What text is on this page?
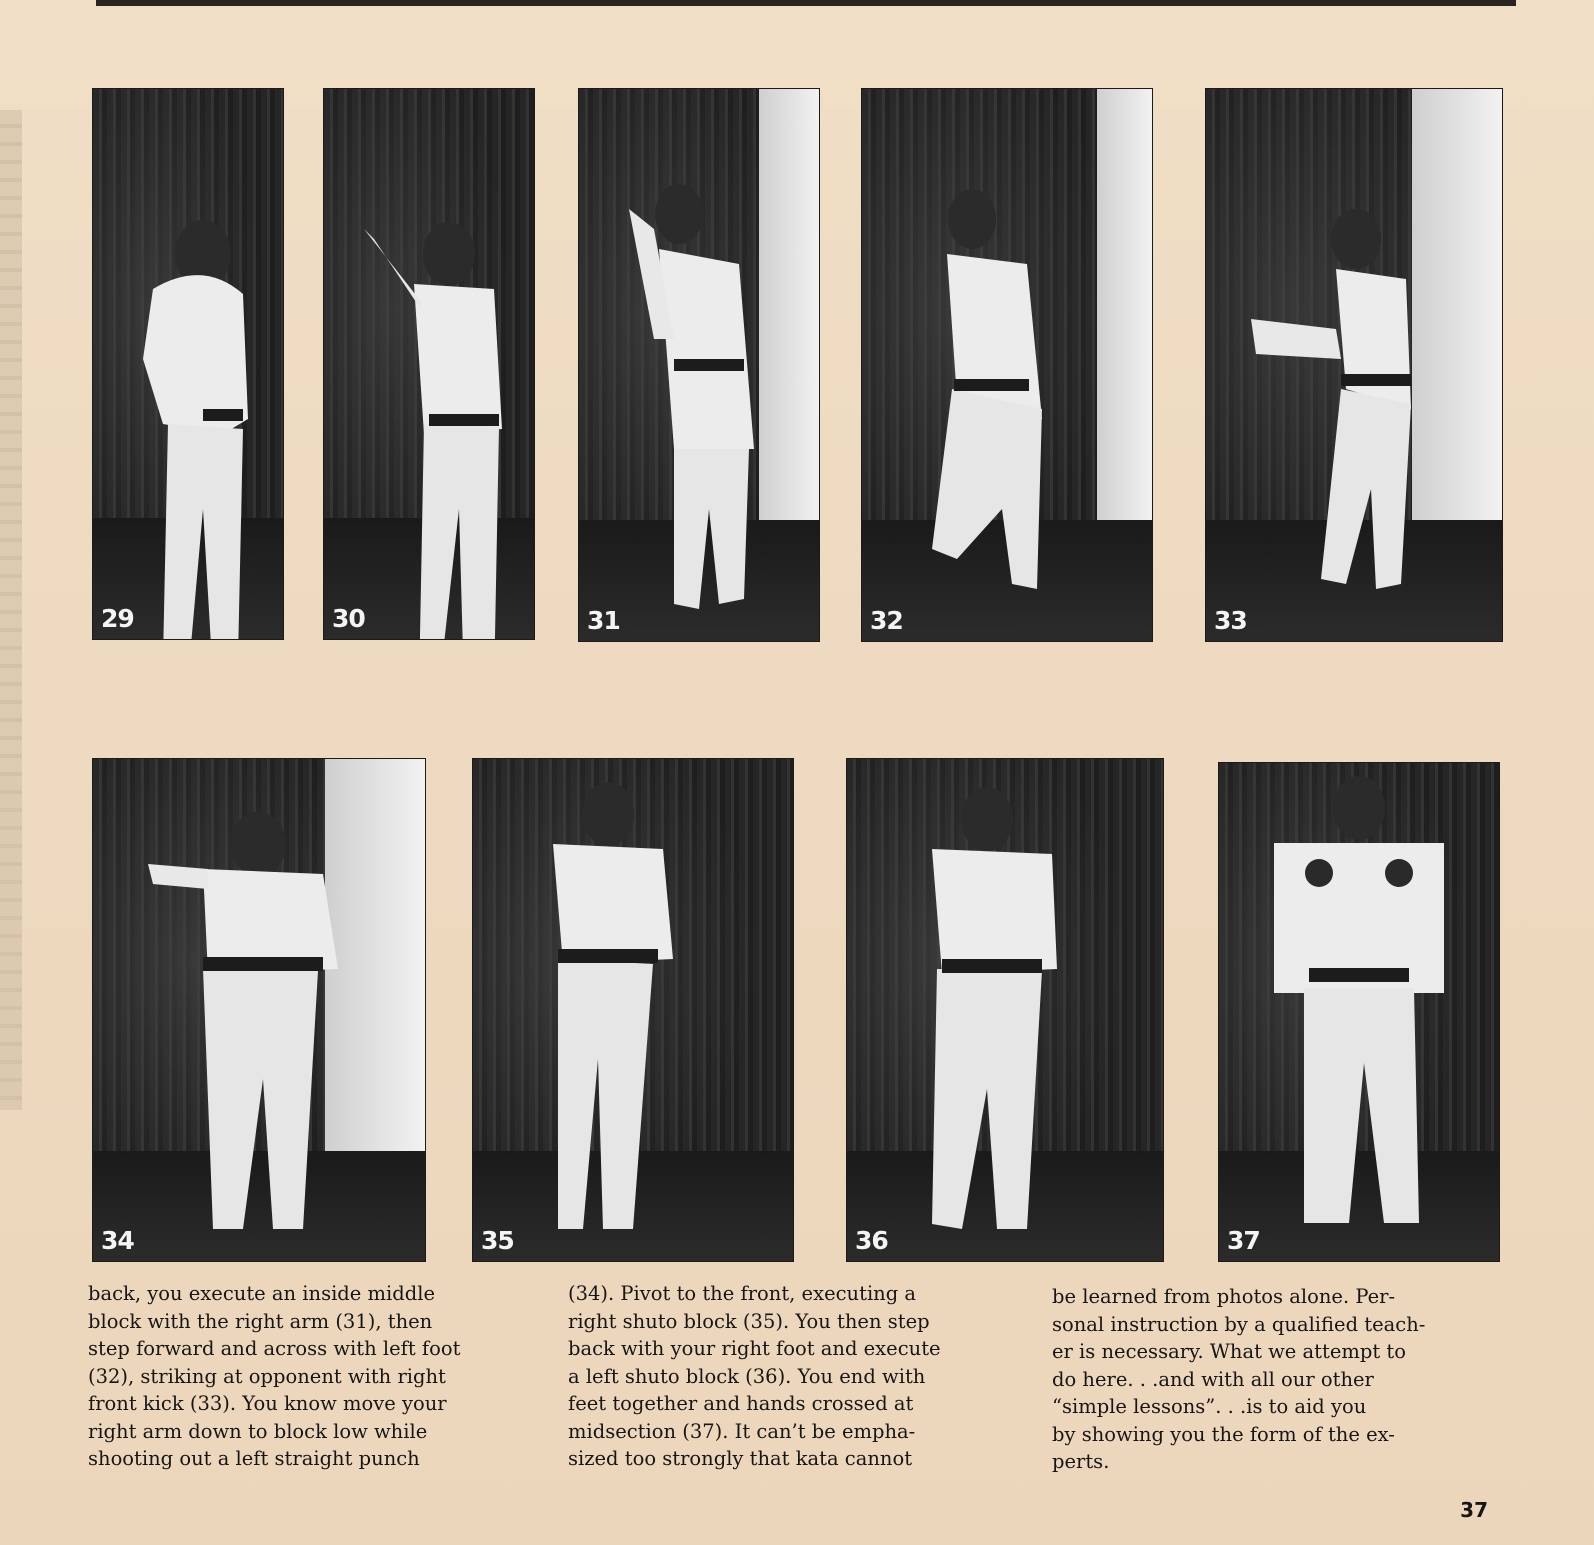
29	30	31	32	33
34	35	36	37
back, you execute an inside middle
block with the right arm (31), then
step forward and across with left foot
(32), striking at opponent with right
front kick (33). You know move your
right arm down to block low while
shooting out a left straight punch
(34). Pivot to the front, executing a
right shuto block (35). You then step
back with your right foot and execute
a left shuto block (36). You end with
feet together and hands crossed at
midsection (37). It can’t be empha-
sized too strongly that kata cannot
be learned from photos alone. Per-
sonal instruction by a qualified teach-
er is necessary. What we attempt to
do here. . .and with all our other
“simple lessons”. . .is to aid you
by showing you the form of the ex-
perts.
37
